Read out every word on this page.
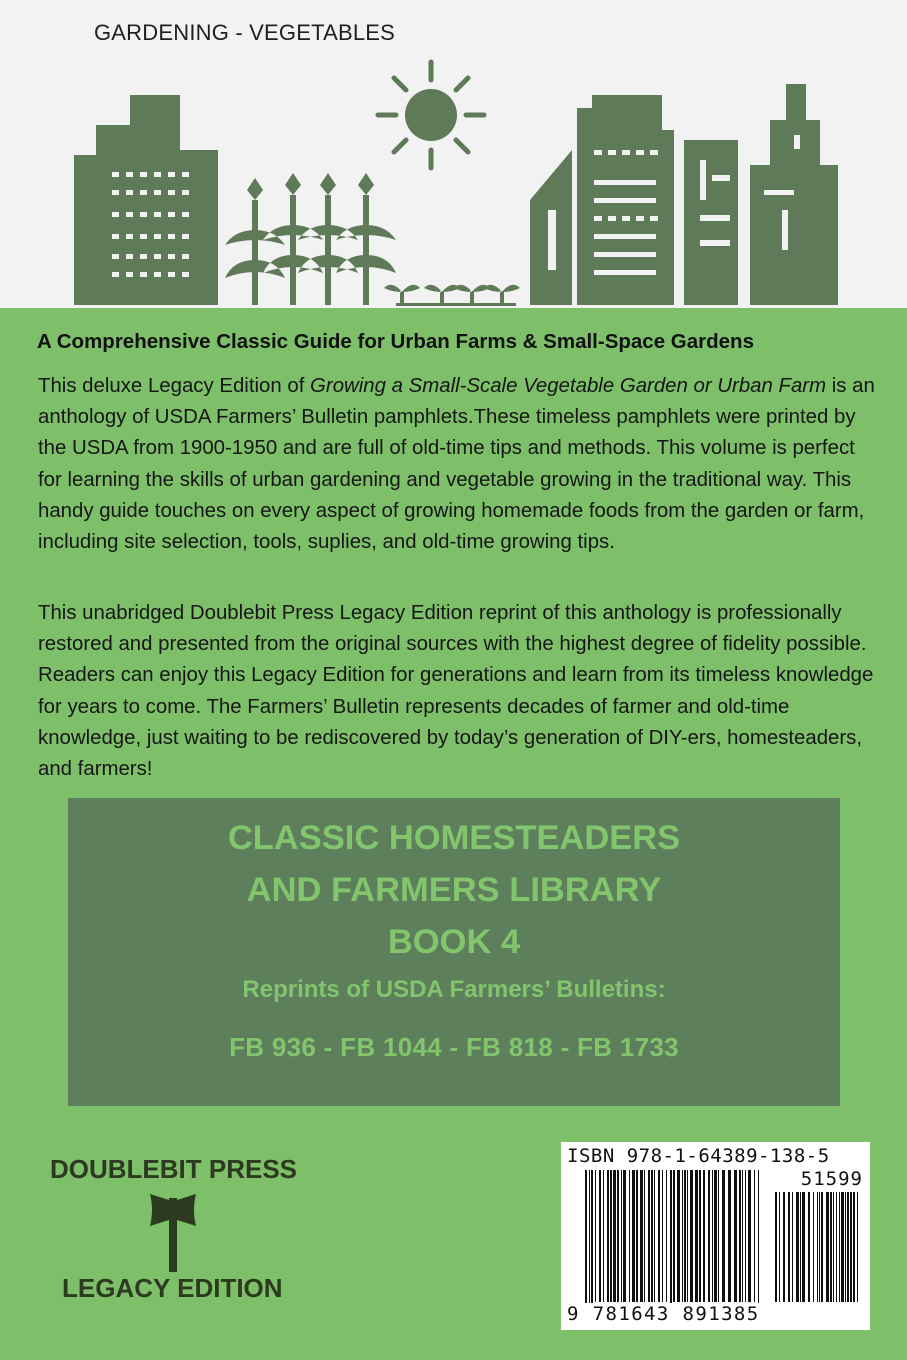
GARDENING - VEGETABLES
A Comprehensive Classic Guide for Urban Farms & Small-Space Gardens
This deluxe Legacy Edition of Growing a Small-Scale Vegetable Garden or Urban Farm is an anthology of USDA Farmers’ Bulletin pamphlets.These timeless pamphlets were printed by the USDA from 1900-1950 and are full of old-time tips and methods. This volume is perfect for learning the skills of urban gardening and vegetable growing in the traditional way. This handy guide touches on every aspect of growing homemade foods from the garden or farm, including site selection, tools, suplies, and old-time growing tips.
This unabridged Doublebit Press Legacy Edition reprint of this anthology is professionally restored and presented from the original sources with the highest degree of fidelity possible. Readers can enjoy this Legacy Edition for generations and learn from its timeless knowledge for years to come. The Farmers’ Bulletin represents decades of farmer and old-time knowledge, just waiting to be rediscovered by today’s generation of DIY-ers, homesteaders, and farmers!
CLASSIC HOMESTEADERS
AND FARMERS LIBRARY
BOOK 4
Reprints of USDA Farmers’ Bulletins:
FB 936 - FB 1044 - FB 818 - FB 1733
DOUBLEBIT PRESS
LEGACY EDITION
ISBN 978-1-64389-138-5
51599
9 781643 891385
